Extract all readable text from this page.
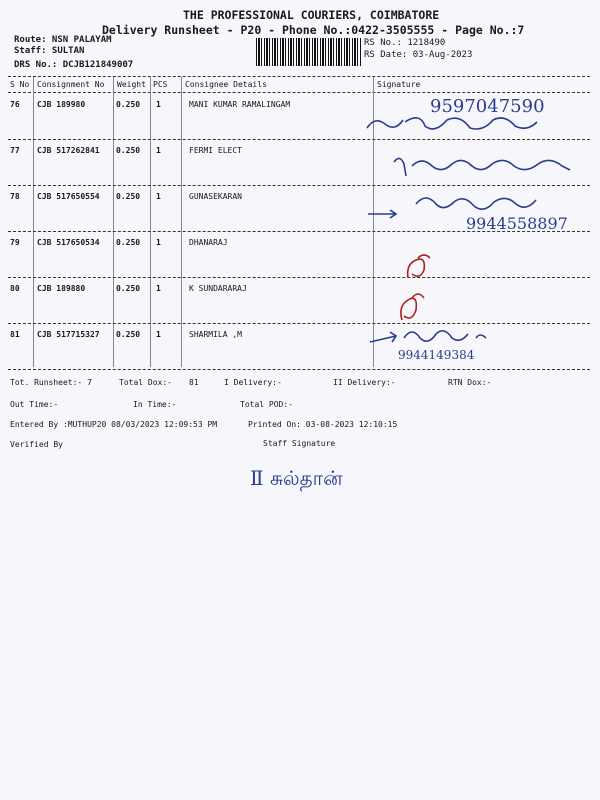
THE PROFESSIONAL COURIERS, COIMBATORE
Delivery Runsheet - P20 - Phone No.:0422-3505555 - Page No.:7
Route: NSN PALAYAM
Staff: SULTAN
DRS No.: DCJB121849007
RS No.: 1218490
RS Date: 03-Aug-2023
S No Consignment No Weight PCS Consignee Details	Signature
76 CJB 189980	0.250 1	MANI KUMAR RAMALINGAM
77 CJB 517262841 0.250 1	FERMI ELECT
78 CJB 517650554 0.250 1	GUNASEKARAN
79 CJB 517650534 0.250 1	DHANARAJ
80 CJB 189880	0.250 1	K SUNDARARAJ
81 CJB 517715327 0.250 1	SHARMILA ,M
9597047590
9944558897
9944149384
Tot. Runsheet:- 7	Total Dox:- 81	I Delivery:-	II Delivery:-	RTN Dox:-
Out Time:-	In Time:-	Total POD:-
Entered By :MUTHUP20 08/03/2023 12:09:53 PM	Printed On: 03-08-2023 12:10:15
Verified By	Staff Signature
Ⅱ சுல்தான்
